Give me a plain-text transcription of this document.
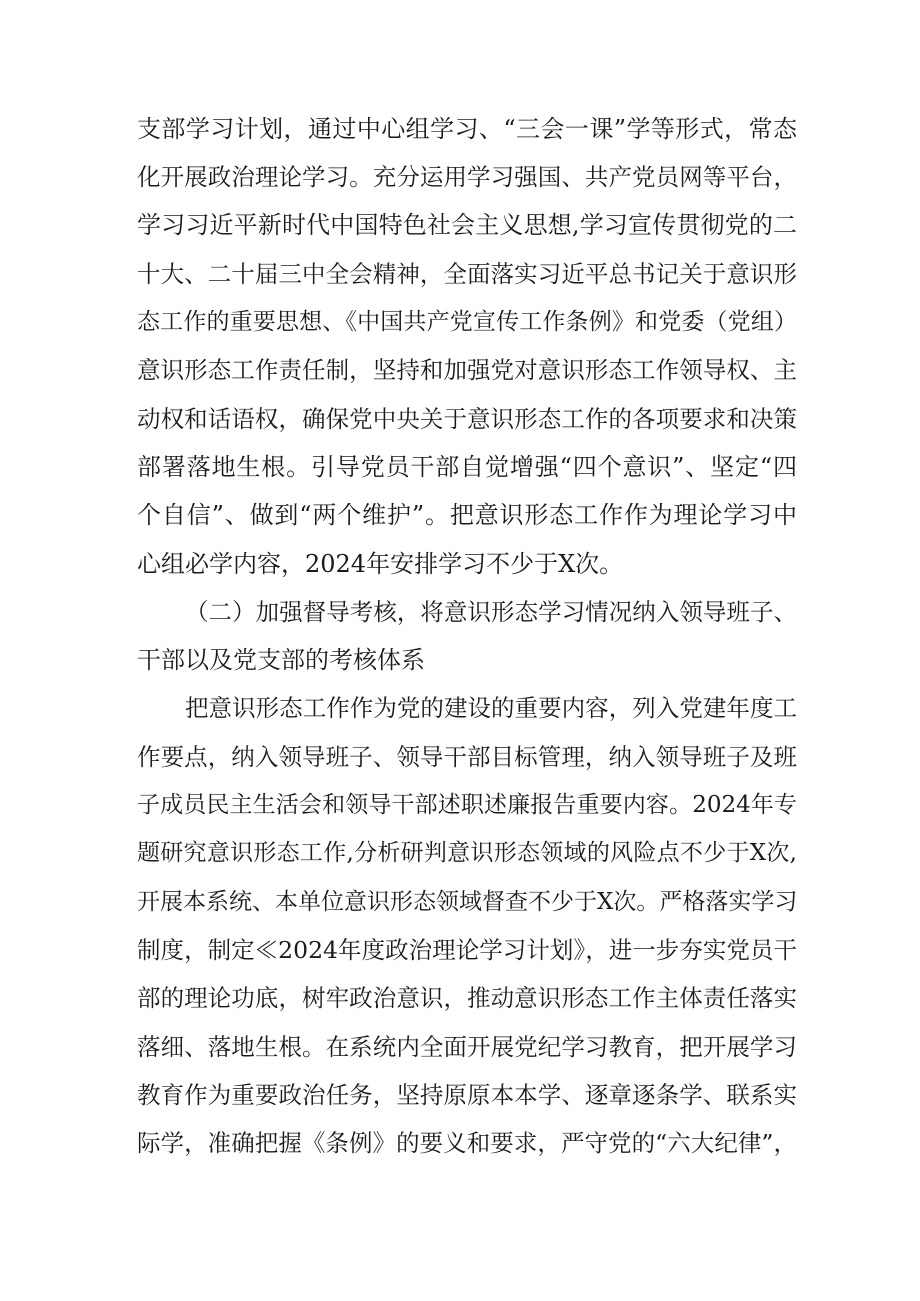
支部学习计划，通过中心组学习、“三会一课”学等形式，常态
化开展政治理论学习。充分运用学习强国、共产党员网等平台，
学习习近平新时代中国特色社会主义思想,学习宣传贯彻党的二
十大、二十届三中全会精神，全面落实习近平总书记关于意识形
态工作的重要思想、《中国共产党宣传工作条例》和党委（党组）
意识形态工作责任制，坚持和加强党对意识形态工作领导权、主
动权和话语权，确保党中央关于意识形态工作的各项要求和决策
部署落地生根。引导党员干部自觉增强“四个意识”、坚定“四
个自信”、做到“两个维护”。把意识形态工作作为理论学习中
心组必学内容，2024年安排学习不少于X次。
（二）加强督导考核，将意识形态学习情况纳入领导班子、
干部以及党支部的考核体系
把意识形态工作作为党的建设的重要内容，列入党建年度工
作要点，纳入领导班子、领导干部目标管理，纳入领导班子及班
子成员民主生活会和领导干部述职述廉报告重要内容。2024年专
题研究意识形态工作,分析研判意识形态领域的风险点不少于X次,
开展本系统、本单位意识形态领域督查不少于X次。严格落实学习
制度，制定≪2024年度政治理论学习计划》，进一步夯实党员干
部的理论功底，树牢政治意识，推动意识形态工作主体责任落实
落细、落地生根。在系统内全面开展党纪学习教育，把开展学习
教育作为重要政治任务，坚持原原本本学、逐章逐条学、联系实
际学，准确把握《条例》的要义和要求，严守党的“六大纪律”，
